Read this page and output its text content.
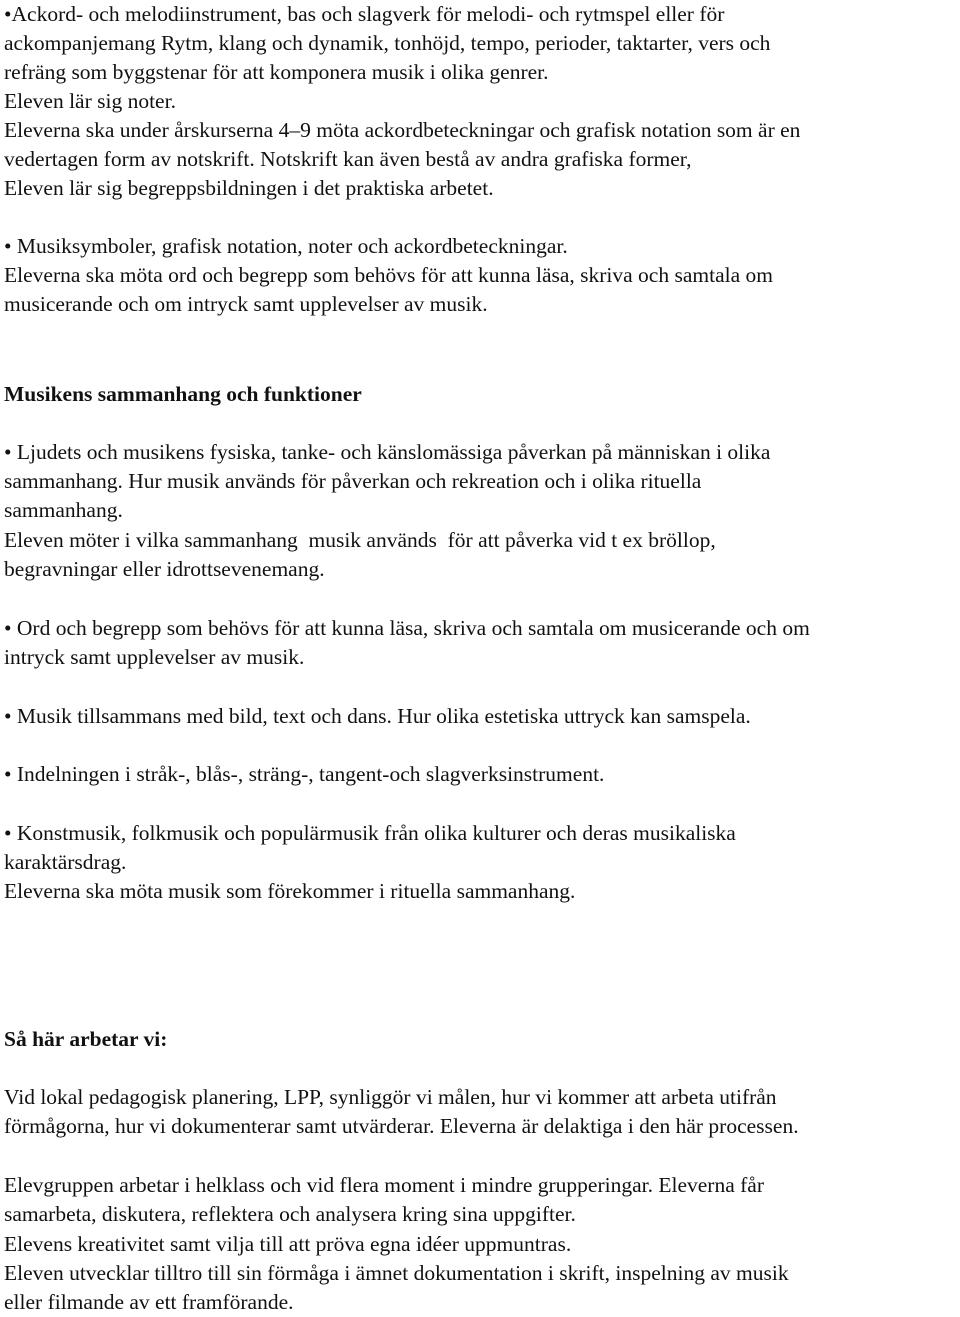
•Ackord- och melodiinstrument, bas och slagverk för melodi- och rytmspel eller för
ackompanjemang Rytm, klang och dynamik, tonhöjd, tempo, perioder, taktarter, vers och
refräng som byggstenar för att komponera musik i olika genrer.
Eleven lär sig noter.
Eleverna ska under årskurserna 4–9 möta ackordbeteckningar och grafisk notation som är en
vedertagen form av notskrift. Notskrift kan även bestå av andra grafiska former,
Eleven lär sig begreppsbildningen i det praktiska arbetet.
• Musiksymboler, grafisk notation, noter och ackordbeteckningar.
Eleverna ska möta ord och begrepp som behövs för att kunna läsa, skriva och samtala om
musicerande och om intryck samt upplevelser av musik.
Musikens sammanhang och funktioner
• Ljudets och musikens fysiska, tanke- och känslomässiga påverkan på människan i olika
sammanhang. Hur musik används för påverkan och rekreation och i olika rituella
sammanhang.
Eleven möter i vilka sammanhang  musik används  för att påverka vid t ex bröllop,
begravningar eller idrottsevenemang.
• Ord och begrepp som behövs för att kunna läsa, skriva och samtala om musicerande och om
intryck samt upplevelser av musik.
• Musik tillsammans med bild, text och dans. Hur olika estetiska uttryck kan samspela.
• Indelningen i stråk-, blås-, sträng-, tangent-och slagverksinstrument.
• Konstmusik, folkmusik och populärmusik från olika kulturer och deras musikaliska
karaktärsdrag.
Eleverna ska möta musik som förekommer i rituella sammanhang.
Så här arbetar vi:
Vid lokal pedagogisk planering, LPP, synliggör vi målen, hur vi kommer att arbeta utifrån
förmågorna, hur vi dokumenterar samt utvärderar. Eleverna är delaktiga i den här processen.
Elevgruppen arbetar i helklass och vid flera moment i mindre grupperingar. Eleverna får
samarbeta, diskutera, reflektera och analysera kring sina uppgifter.
Elevens kreativitet samt vilja till att pröva egna idéer uppmuntras.
Eleven utvecklar tilltro till sin förmåga i ämnet dokumentation i skrift, inspelning av musik
eller filmande av ett framförande.
